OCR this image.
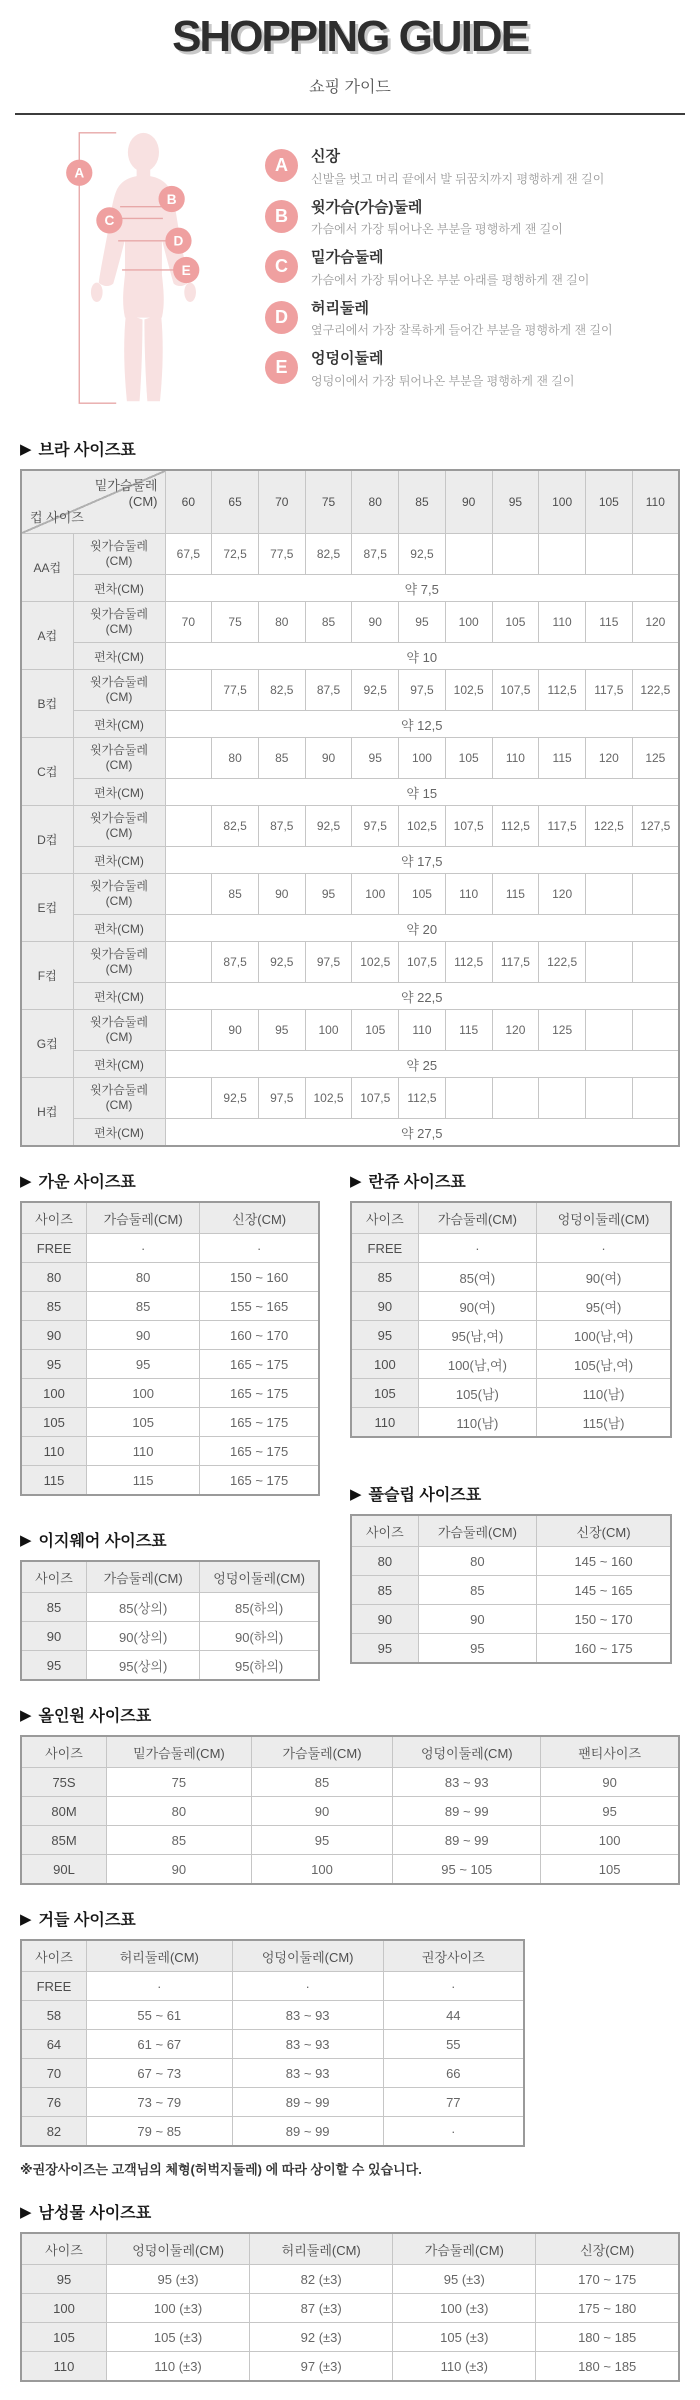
SHOPPING GUIDE
쇼핑 가이드
A
B
C
D
E
A	신장
신발을 벗고 머리 끝에서 발 뒤꿈치까지 평행하게 잰 길이
B	윗가슴(가슴)둘레
가슴에서 가장 튀어나온 부분을 평행하게 잰 길이
C	밑가슴둘레
가슴에서 가장 튀어나온 부분 아래를 평행하게 잰 길이
D	허리둘레
옆구리에서 가장 잘록하게 들어간 부분을 평행하게 잰 길이
E	엉덩이둘레
엉덩이에서 가장 튀어나온 부분을 평행하게 잰 길이
▶ 브라 사이즈표
밑가슴둘레
(CM)
컵 사이즈		60	65	70	75	80	85	90	95	100	105	110
AA컵	윗가슴둘레
(CM)	67,5	72,5	77,5	82,5	87,5	92,5					
	편차(CM)	약 7,5										
A컵	윗가슴둘레
(CM)	70	75	80	85	90	95	100	105	110	115	120
	편차(CM)	약 10										
B컵	윗가슴둘레
(CM)		77,5	82,5	87,5	92,5	97,5	102,5	107,5	112,5	117,5	122,5
	편차(CM)	약 12,5										
C컵	윗가슴둘레
(CM)		80	85	90	95	100	105	110	115	120	125
	편차(CM)	약 15										
D컵	윗가슴둘레
(CM)		82,5	87,5	92,5	97,5	102,5	107,5	112,5	117,5	122,5	127,5
	편차(CM)	약 17,5										
E컵	윗가슴둘레
(CM)		85	90	95	100	105	110	115	120		
	편차(CM)	약 20										
F컵	윗가슴둘레
(CM)		87,5	92,5	97,5	102,5	107,5	112,5	117,5	122,5		
	편차(CM)	약 22,5										
G컵	윗가슴둘레
(CM)		90	95	100	105	110	115	120	125		
	편차(CM)	약 25										
H컵	윗가슴둘레
(CM)		92,5	97,5	102,5	107,5	112,5					
	편차(CM)	약 27,5										
▶ 가운 사이즈표
사이즈	가슴둘레(CM)	신장(CM)
FREE	·	·
80	80	150 ~ 160
85	85	155 ~ 165
90	90	160 ~ 170
95	95	165 ~ 175
100	100	165 ~ 175
105	105	165 ~ 175
110	110	165 ~ 175
115	115	165 ~ 175
▶ 이지웨어 사이즈표
사이즈	가슴둘레(CM)	엉덩이둘레(CM)
85	85(상의)	85(하의)
90	90(상의)	90(하의)
95	95(상의)	95(하의)
▶ 란쥬 사이즈표
사이즈	가슴둘레(CM)	엉덩이둘레(CM)
FREE	·	·
85	85(여)	90(여)
90	90(여)	95(여)
95	95(남,여)	100(남,여)
100	100(남,여)	105(남,여)
105	105(남)	110(남)
110	110(남)	115(남)
▶ 풀슬립 사이즈표
사이즈	가슴둘레(CM)	신장(CM)
80	80	145 ~ 160
85	85	145 ~ 165
90	90	150 ~ 170
95	95	160 ~ 175
▶ 올인원 사이즈표
사이즈	밑가슴둘레(CM)	가슴둘레(CM)	엉덩이둘레(CM)	팬티사이즈
75S	75	85	83 ~ 93	90
80M	80	90	89 ~ 99	95
85M	85	95	89 ~ 99	100
90L	90	100	95 ~ 105	105
▶ 거들 사이즈표
사이즈	허리둘레(CM)	엉덩이둘레(CM)	권장사이즈
FREE	·	·	·
58	55 ~ 61	83 ~ 93	44
64	61 ~ 67	83 ~ 93	55
70	67 ~ 73	83 ~ 93	66
76	73 ~ 79	89 ~ 99	77
82	79 ~ 85	89 ~ 99	·

※권장사이즈는 고객님의 체형(허벅지둘레) 에 따라 상이할 수 있습니다.

▶ 남성물 사이즈표
사이즈	엉덩이둘레(CM)	허리둘레(CM)	가슴둘레(CM)	신장(CM)
95	95 (±3)	82 (±3)	95 (±3)	170 ~ 175
100	100 (±3)	87 (±3)	100 (±3)	175 ~ 180
105	105 (±3)	92 (±3)	105 (±3)	180 ~ 185
110	110 (±3)	97 (±3)	110 (±3)	180 ~ 185
